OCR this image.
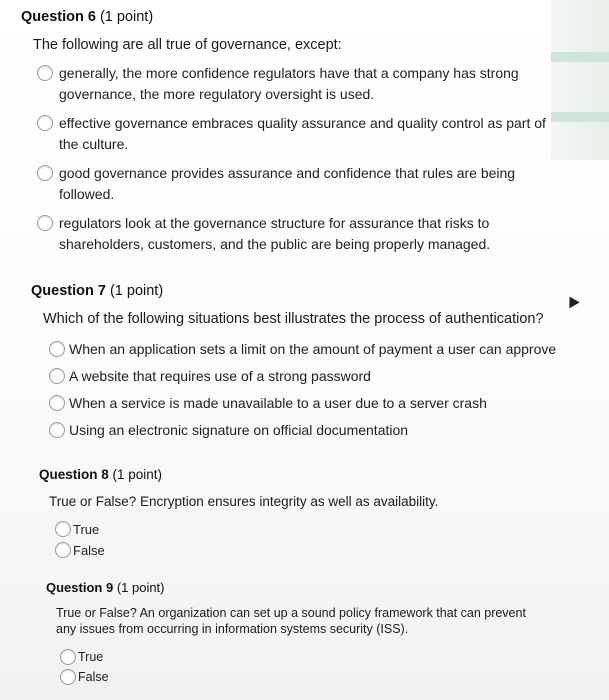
Question 6 (1 point)
The following are all true of governance, except:
generally, the more confidence regulators have that a company has strong governance, the more regulatory oversight is used.
effective governance embraces quality assurance and quality control as part of the culture.
good governance provides assurance and confidence that rules are being followed.
regulators look at the governance structure for assurance that risks to shareholders, customers, and the public are being properly managed.
Question 7 (1 point)
Which of the following situations best illustrates the process of authentication?
When an application sets a limit on the amount of payment a user can approve
A website that requires use of a strong password
When a service is made unavailable to a user due to a server crash
Using an electronic signature on official documentation
Question 8 (1 point)
True or False? Encryption ensures integrity as well as availability.
True
False
Question 9 (1 point)
True or False? An organization can set up a sound policy framework that can prevent any issues from occurring in information systems security (ISS).
True
False
